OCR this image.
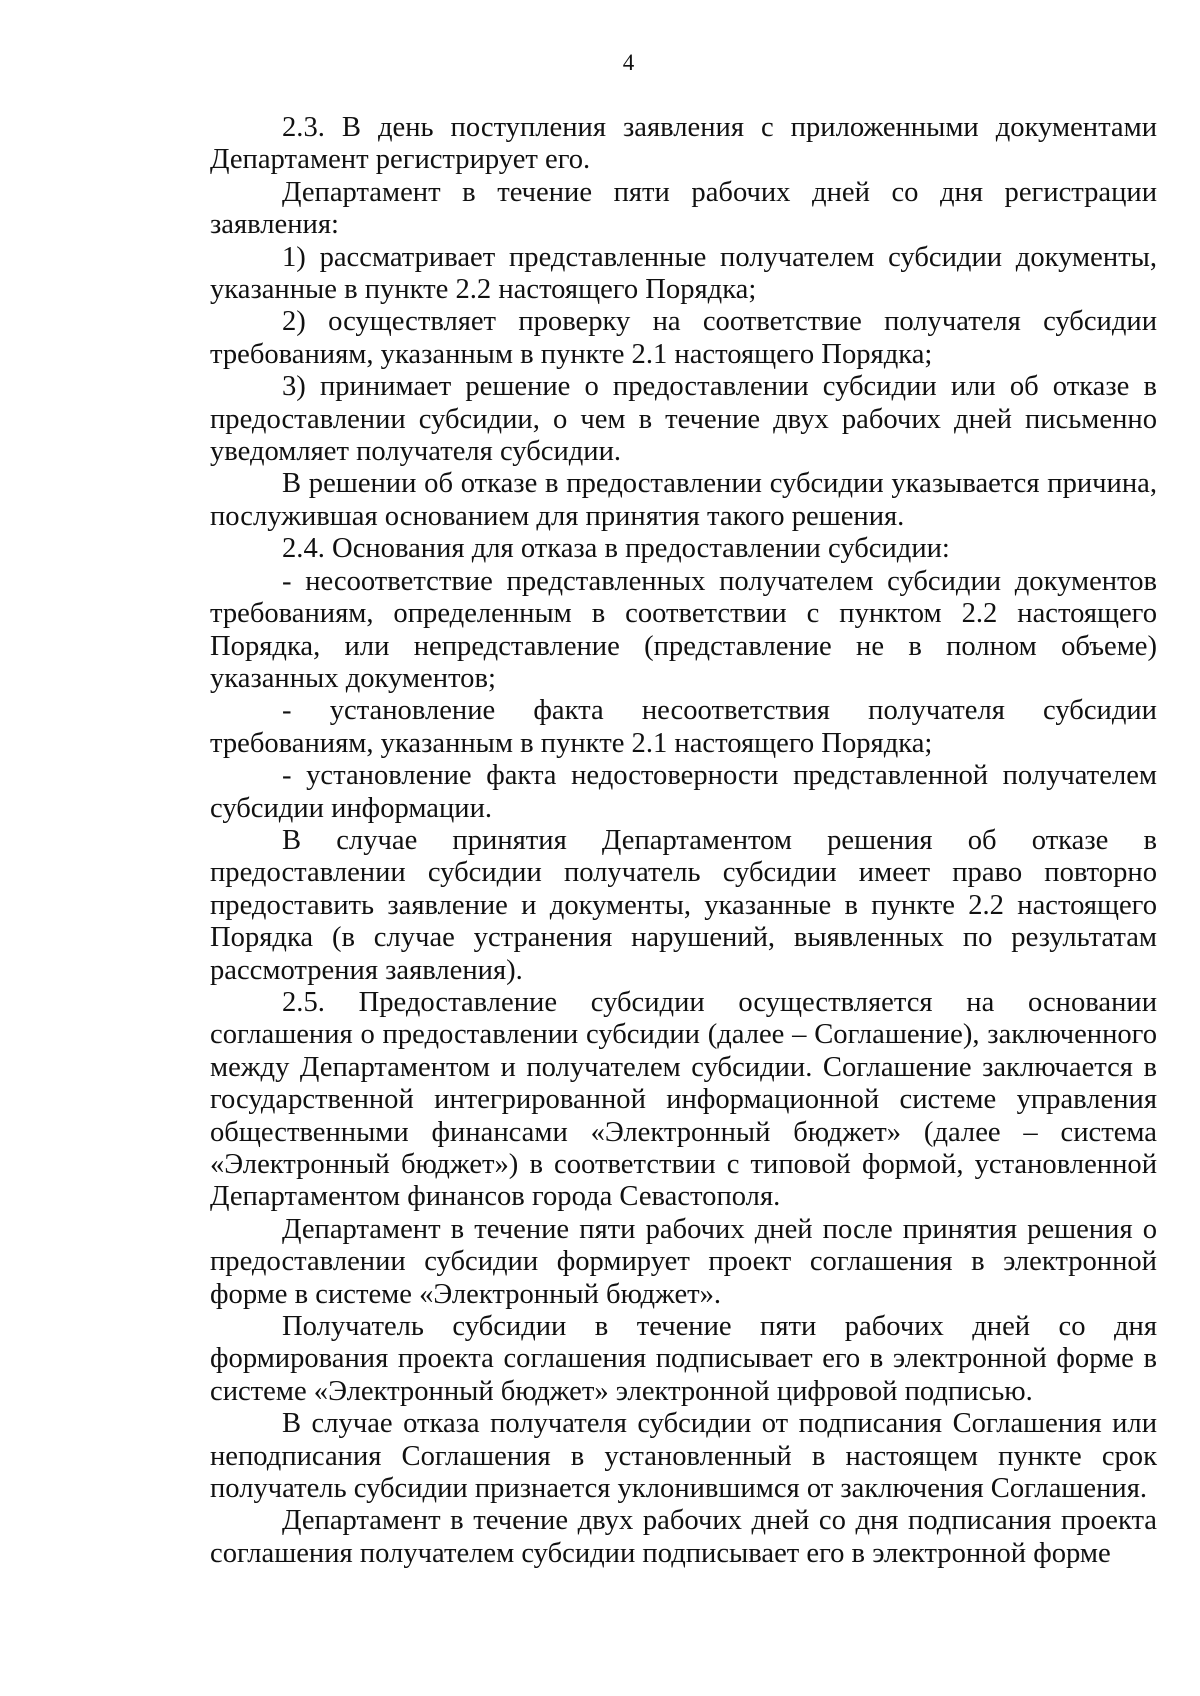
4

2.3. В день поступления заявления с приложенными документами Департамент регистрирует его.

Департамент в течение пяти рабочих дней со дня регистрации заявления:

1) рассматривает представленные получателем субсидии документы, указанные в пункте 2.2 настоящего Порядка;

2) осуществляет проверку на соответствие получателя субсидии требованиям, указанным в пункте 2.1 настоящего Порядка;

3) принимает решение о предоставлении субсидии или об отказе в предоставлении субсидии, о чем в течение двух рабочих дней письменно уведомляет получателя субсидии.

В решении об отказе в предоставлении субсидии указывается причина, послужившая основанием для принятия такого решения.

2.4. Основания для отказа в предоставлении субсидии:

- несоответствие представленных получателем субсидии документов требованиям, определенным в соответствии с пунктом 2.2 настоящего Порядка, или непредставление (представление не в полном объеме) указанных документов;

- установление факта несоответствия получателя субсидии требованиям, указанным в пункте 2.1 настоящего Порядка;

- установление факта недостоверности представленной получателем субсидии информации.

В случае принятия Департаментом решения об отказе в предоставлении субсидии получатель субсидии имеет право повторно предоставить заявление и документы, указанные в пункте 2.2 настоящего Порядка (в случае устранения нарушений, выявленных по результатам рассмотрения заявления).

2.5. Предоставление субсидии осуществляется на основании соглашения о предоставлении субсидии (далее – Соглашение), заключенного между Департаментом и получателем субсидии. Соглашение заключается в государственной интегрированной информационной системе управления общественными финансами «Электронный бюджет» (далее – система «Электронный бюджет») в соответствии с типовой формой, установленной Департаментом финансов города Севастополя.

Департамент в течение пяти рабочих дней после принятия решения о предоставлении субсидии формирует проект соглашения в электронной форме в системе «Электронный бюджет».

Получатель субсидии в течение пяти рабочих дней со дня формирования проекта соглашения подписывает его в электронной форме в системе «Электронный бюджет» электронной цифровой подписью.

В случае отказа получателя субсидии от подписания Соглашения или неподписания Соглашения в установленный в настоящем пункте срок получатель субсидии признается уклонившимся от заключения Соглашения.

Департамент в течение двух рабочих дней со дня подписания проекта соглашения получателем субсидии подписывает его в электронной форме
